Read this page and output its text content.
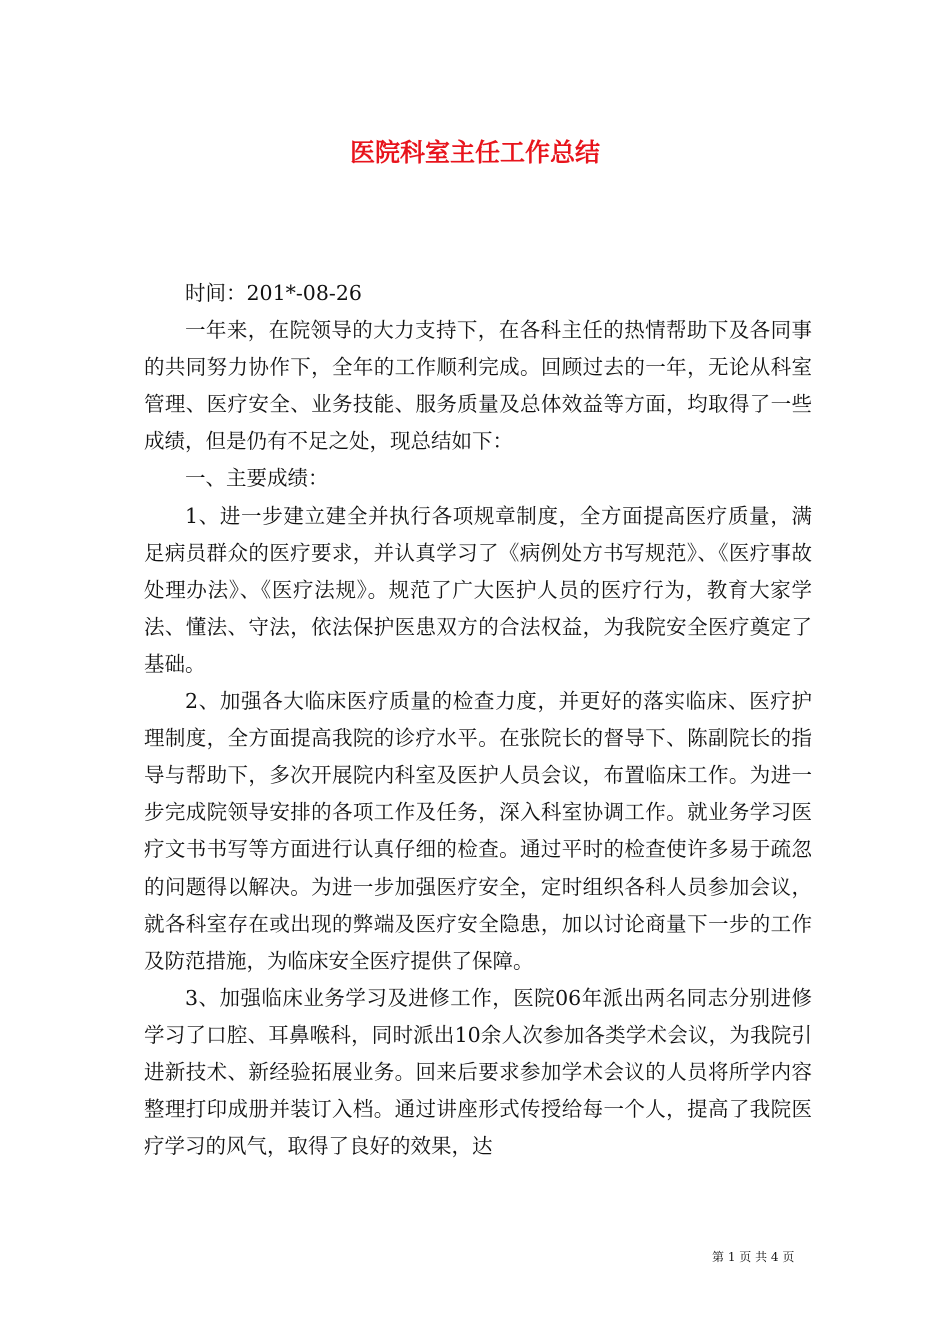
医院科室主任工作总结

时间：201*-08-26

一年来，在院领导的大力支持下，在各科主任的热情帮助下及各同事的共同努力协作下，全年的工作顺利完成。回顾过去的一年，无论从科室管理、医疗安全、业务技能、服务质量及总体效益等方面，均取得了一些成绩，但是仍有不足之处，现总结如下：

一、主要成绩：

1、进一步建立建全并执行各项规章制度，全方面提高医疗质量，满足病员群众的医疗要求，并认真学习了《病例处方书写规范》、《医疗事故处理办法》、《医疗法规》。规范了广大医护人员的医疗行为，教育大家学法、懂法、守法，依法保护医患双方的合法权益，为我院安全医疗奠定了基础。

2、加强各大临床医疗质量的检查力度，并更好的落实临床、医疗护理制度，全方面提高我院的诊疗水平。在张院长的督导下、陈副院长的指导与帮助下，多次开展院内科室及医护人员会议，布置临床工作。为进一步完成院领导安排的各项工作及任务，深入科室协调工作。就业务学习医疗文书书写等方面进行认真仔细的检查。通过平时的检查使许多易于疏忽的问题得以解决。为进一步加强医疗安全，定时组织各科人员参加会议，就各科室存在或出现的弊端及医疗安全隐患，加以讨论商量下一步的工作及防范措施，为临床安全医疗提供了保障。

3、加强临床业务学习及进修工作，医院06年派出两名同志分别进修学习了口腔、耳鼻喉科，同时派出10余人次参加各类学术会议，为我院引进新技术、新经验拓展业务。回来后要求参加学术会议的人员将所学内容整理打印成册并装订入档。通过讲座形式传授给每一个人，提高了我院医疗学习的风气，取得了良好的效果，达

第 1 页 共 4 页
